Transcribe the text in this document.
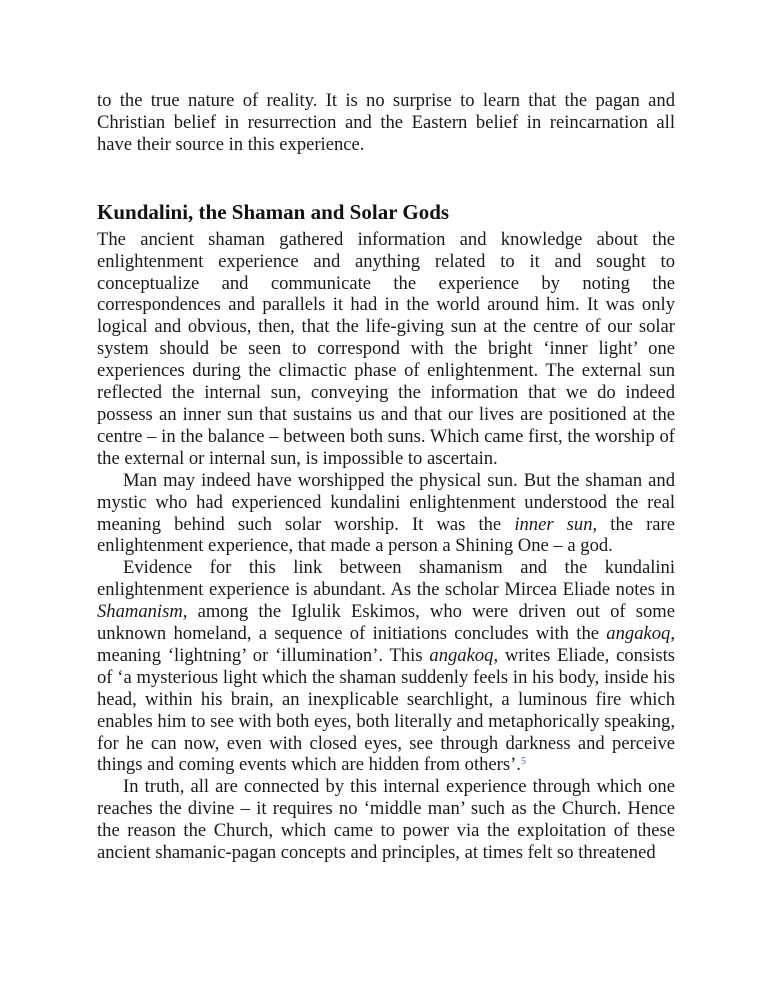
to the true nature of reality. It is no surprise to learn that the pagan and Christian belief in resurrection and the Eastern belief in reincarnation all have their source in this experience.

Kundalini, the Shaman and Solar Gods

The ancient shaman gathered information and knowledge about the enlightenment experience and anything related to it and sought to conceptualize and communicate the experience by noting the correspondences and parallels it had in the world around him. It was only logical and obvious, then, that the life-giving sun at the centre of our solar system should be seen to correspond with the bright ‘inner light’ one experiences during the climactic phase of enlightenment. The external sun reflected the internal sun, conveying the information that we do indeed possess an inner sun that sustains us and that our lives are positioned at the centre – in the balance – between both suns. Which came first, the worship of the external or internal sun, is impossible to ascertain.

Man may indeed have worshipped the physical sun. But the shaman and mystic who had experienced kundalini enlightenment understood the real meaning behind such solar worship. It was the inner sun, the rare enlightenment experience, that made a person a Shining One – a god.

Evidence for this link between shamanism and the kundalini enlightenment experience is abundant. As the scholar Mircea Eliade notes in Shamanism, among the Iglulik Eskimos, who were driven out of some unknown homeland, a sequence of initiations concludes with the angakoq, meaning ‘lightning’ or ‘illumination’. This angakoq, writes Eliade, consists of ‘a mysterious light which the shaman suddenly feels in his body, inside his head, within his brain, an inexplicable searchlight, a luminous fire which enables him to see with both eyes, both literally and metaphorically speaking, for he can now, even with closed eyes, see through darkness and perceive things and coming events which are hidden from others’.$^5$

In truth, all are connected by this internal experience through which one reaches the divine – it requires no ‘middle man’ such as the Church. Hence the reason the Church, which came to power via the exploitation of these ancient shamanic-pagan concepts and principles, at times felt so threatened
